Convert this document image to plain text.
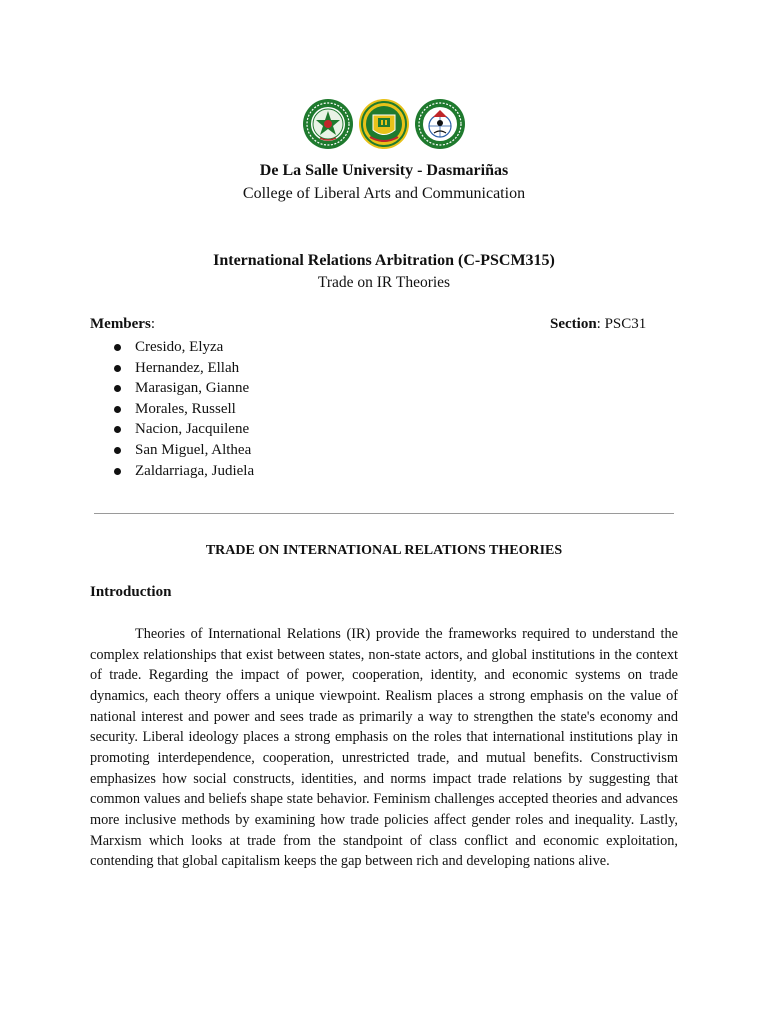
De La Salle University - Dasmariñas
College of Liberal Arts and Communication
International Relations Arbitration (C-PSCM315)
Trade on IR Theories
Members:	Section: PSC31
Cresido, Elyza
Hernandez, Ellah
Marasigan, Gianne
Morales, Russell
Nacion, Jacquilene
San Miguel, Althea
Zaldarriaga, Judiela
TRADE ON INTERNATIONAL RELATIONS THEORIES
Introduction

Theories of International Relations (IR) provide the frameworks required to understand the complex relationships that exist between states, non-state actors, and global institutions in the context of trade. Regarding the impact of power, cooperation, identity, and economic systems on trade dynamics, each theory offers a unique viewpoint. Realism places a strong emphasis on the value of national interest and power and sees trade as primarily a way to strengthen the state's economy and security. Liberal ideology places a strong emphasis on the roles that international institutions play in promoting interdependence, cooperation, unrestricted trade, and mutual benefits. Constructivism emphasizes how social constructs, identities, and norms impact trade relations by suggesting that common values and beliefs shape state behavior. Feminism challenges accepted theories and advances more inclusive methods by examining how trade policies affect gender roles and inequality. Lastly, Marxism which looks at trade from the standpoint of class conflict and economic exploitation, contending that global capitalism keeps the gap between rich and developing nations alive.
